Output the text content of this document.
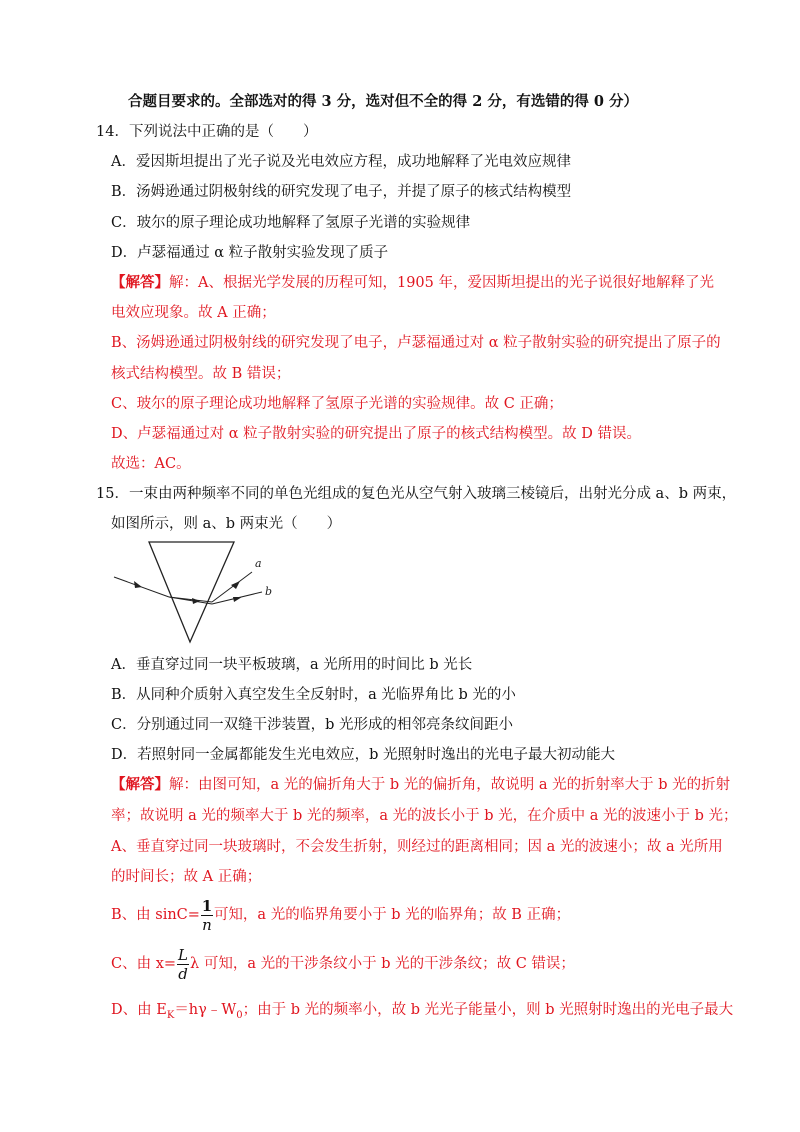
合题目要求的。全部选对的得 3 分，选对但不全的得 2 分，有选错的得 0 分）
14．下列说法中正确的是（　　）
A．爱因斯坦提出了光子说及光电效应方程，成功地解释了光电效应规律
B．汤姆逊通过阴极射线的研究发现了电子，并提了原子的核式结构模型
C．玻尔的原子理论成功地解释了氢原子光谱的实验规律
D．卢瑟福通过 α 粒子散射实验发现了质子
【解答】解：A、根据光学发展的历程可知，1905 年，爱因斯坦提出的光子说很好地解释了光
电效应现象。故 A 正确；
B、汤姆逊通过阴极射线的研究发现了电子，卢瑟福通过对 α 粒子散射实验的研究提出了原子的
核式结构模型。故 B 错误；
C、玻尔的原子理论成功地解释了氢原子光谱的实验规律。故 C 正确；
D、卢瑟福通过对 α 粒子散射实验的研究提出了原子的核式结构模型。故 D 错误。
故选：AC。
15．一束由两种频率不同的单色光组成的复色光从空气射入玻璃三棱镜后，出射光分成 a、b 两束，
如图所示，则 a、b 两束光（　　）
a
b
A．垂直穿过同一块平板玻璃，a 光所用的时间比 b 光长
B．从同种介质射入真空发生全反射时，a 光临界角比 b 光的小
C．分别通过同一双缝干涉装置，b 光形成的相邻亮条纹间距小
D．若照射同一金属都能发生光电效应，b 光照射时逸出的光电子最大初动能大
【解答】解：由图可知，a 光的偏折角大于 b 光的偏折角，故说明 a 光的折射率大于 b 光的折射
率；故说明 a 光的频率大于 b 光的频率，a 光的波长小于 b 光，在介质中 a 光的波速小于 b 光；
A、垂直穿过同一块玻璃时，不会发生折射，则经过的距离相同；因 a 光的波速小；故 a 光所用
的时间长；故 A 正确；
B、由 $\sin C= \frac{1}{n}$ 可知，a 光的临界角要小于 b 光的临界角；故 B 正确；
C、由 $x= \frac{L}{d}$ λ 可知，a 光的干涉条纹小于 b 光的干涉条纹；故 C 错误；
D、由 $E_K=h\gamma﹣W_0$；由于 b 光的频率小，故 b 光光子能量小，则 b 光照射时逸出的光电子最大
